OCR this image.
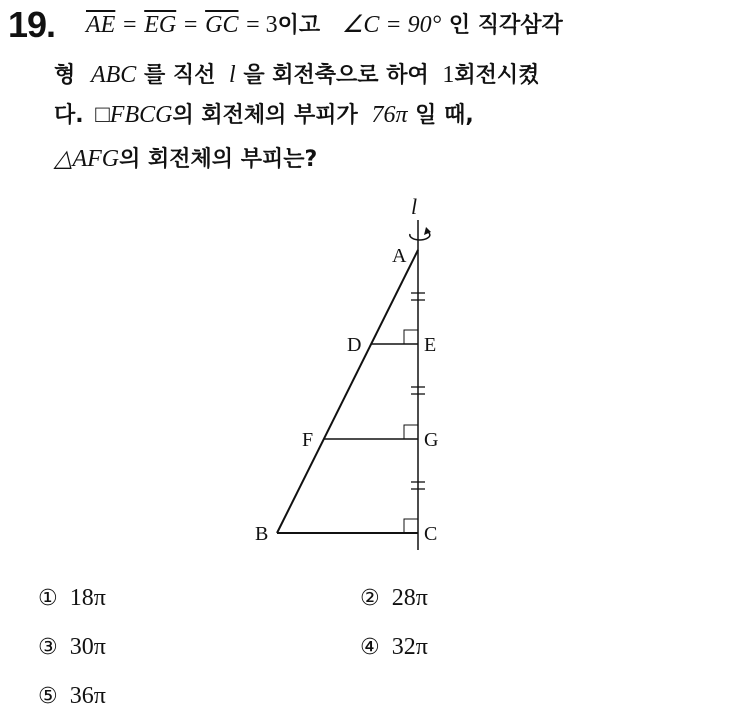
19. $\overline{AE} = \overline{EG} = \overline{GC} = 3$이고 ∠C = 90° 인 직각삼각
형 ABC 를 직선 l 을 회전축으로 하여 1회전시켰
다. □FBCG의 회전체의 부피가 76π 일 때,
△AFG의 회전체의 부피는?
l
A
D	E
F	G
B	C
① 18π	② 28π
③ 30π	④ 32π
⑤ 36π
